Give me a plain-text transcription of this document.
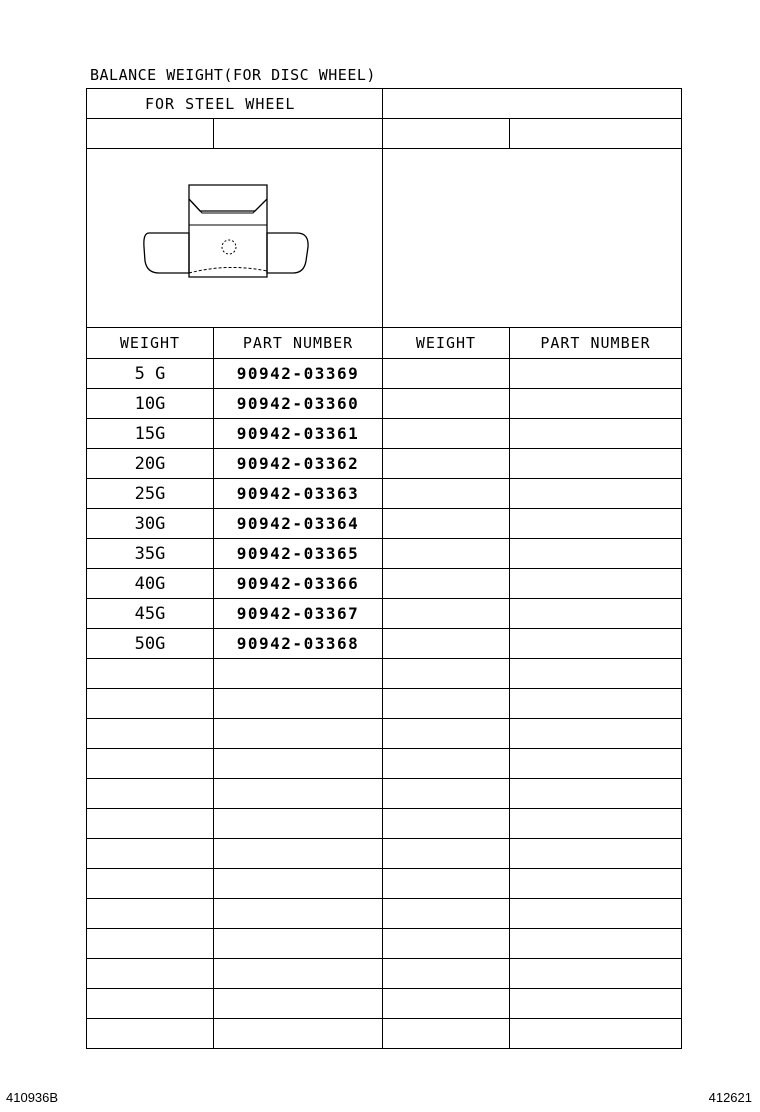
BALANCE WEIGHT(FOR DISC WHEEL)
FOR STEEL WHEEL			

WEIGHT	PART NUMBER	WEIGHT	PART NUMBER
5 G	90942-03369		
10G	90942-03360		
15G	90942-03361		
20G	90942-03362		
25G	90942-03363		
30G	90942-03364		
35G	90942-03365		
40G	90942-03366		
45G	90942-03367		
50G	90942-03368		

410936B	412621
